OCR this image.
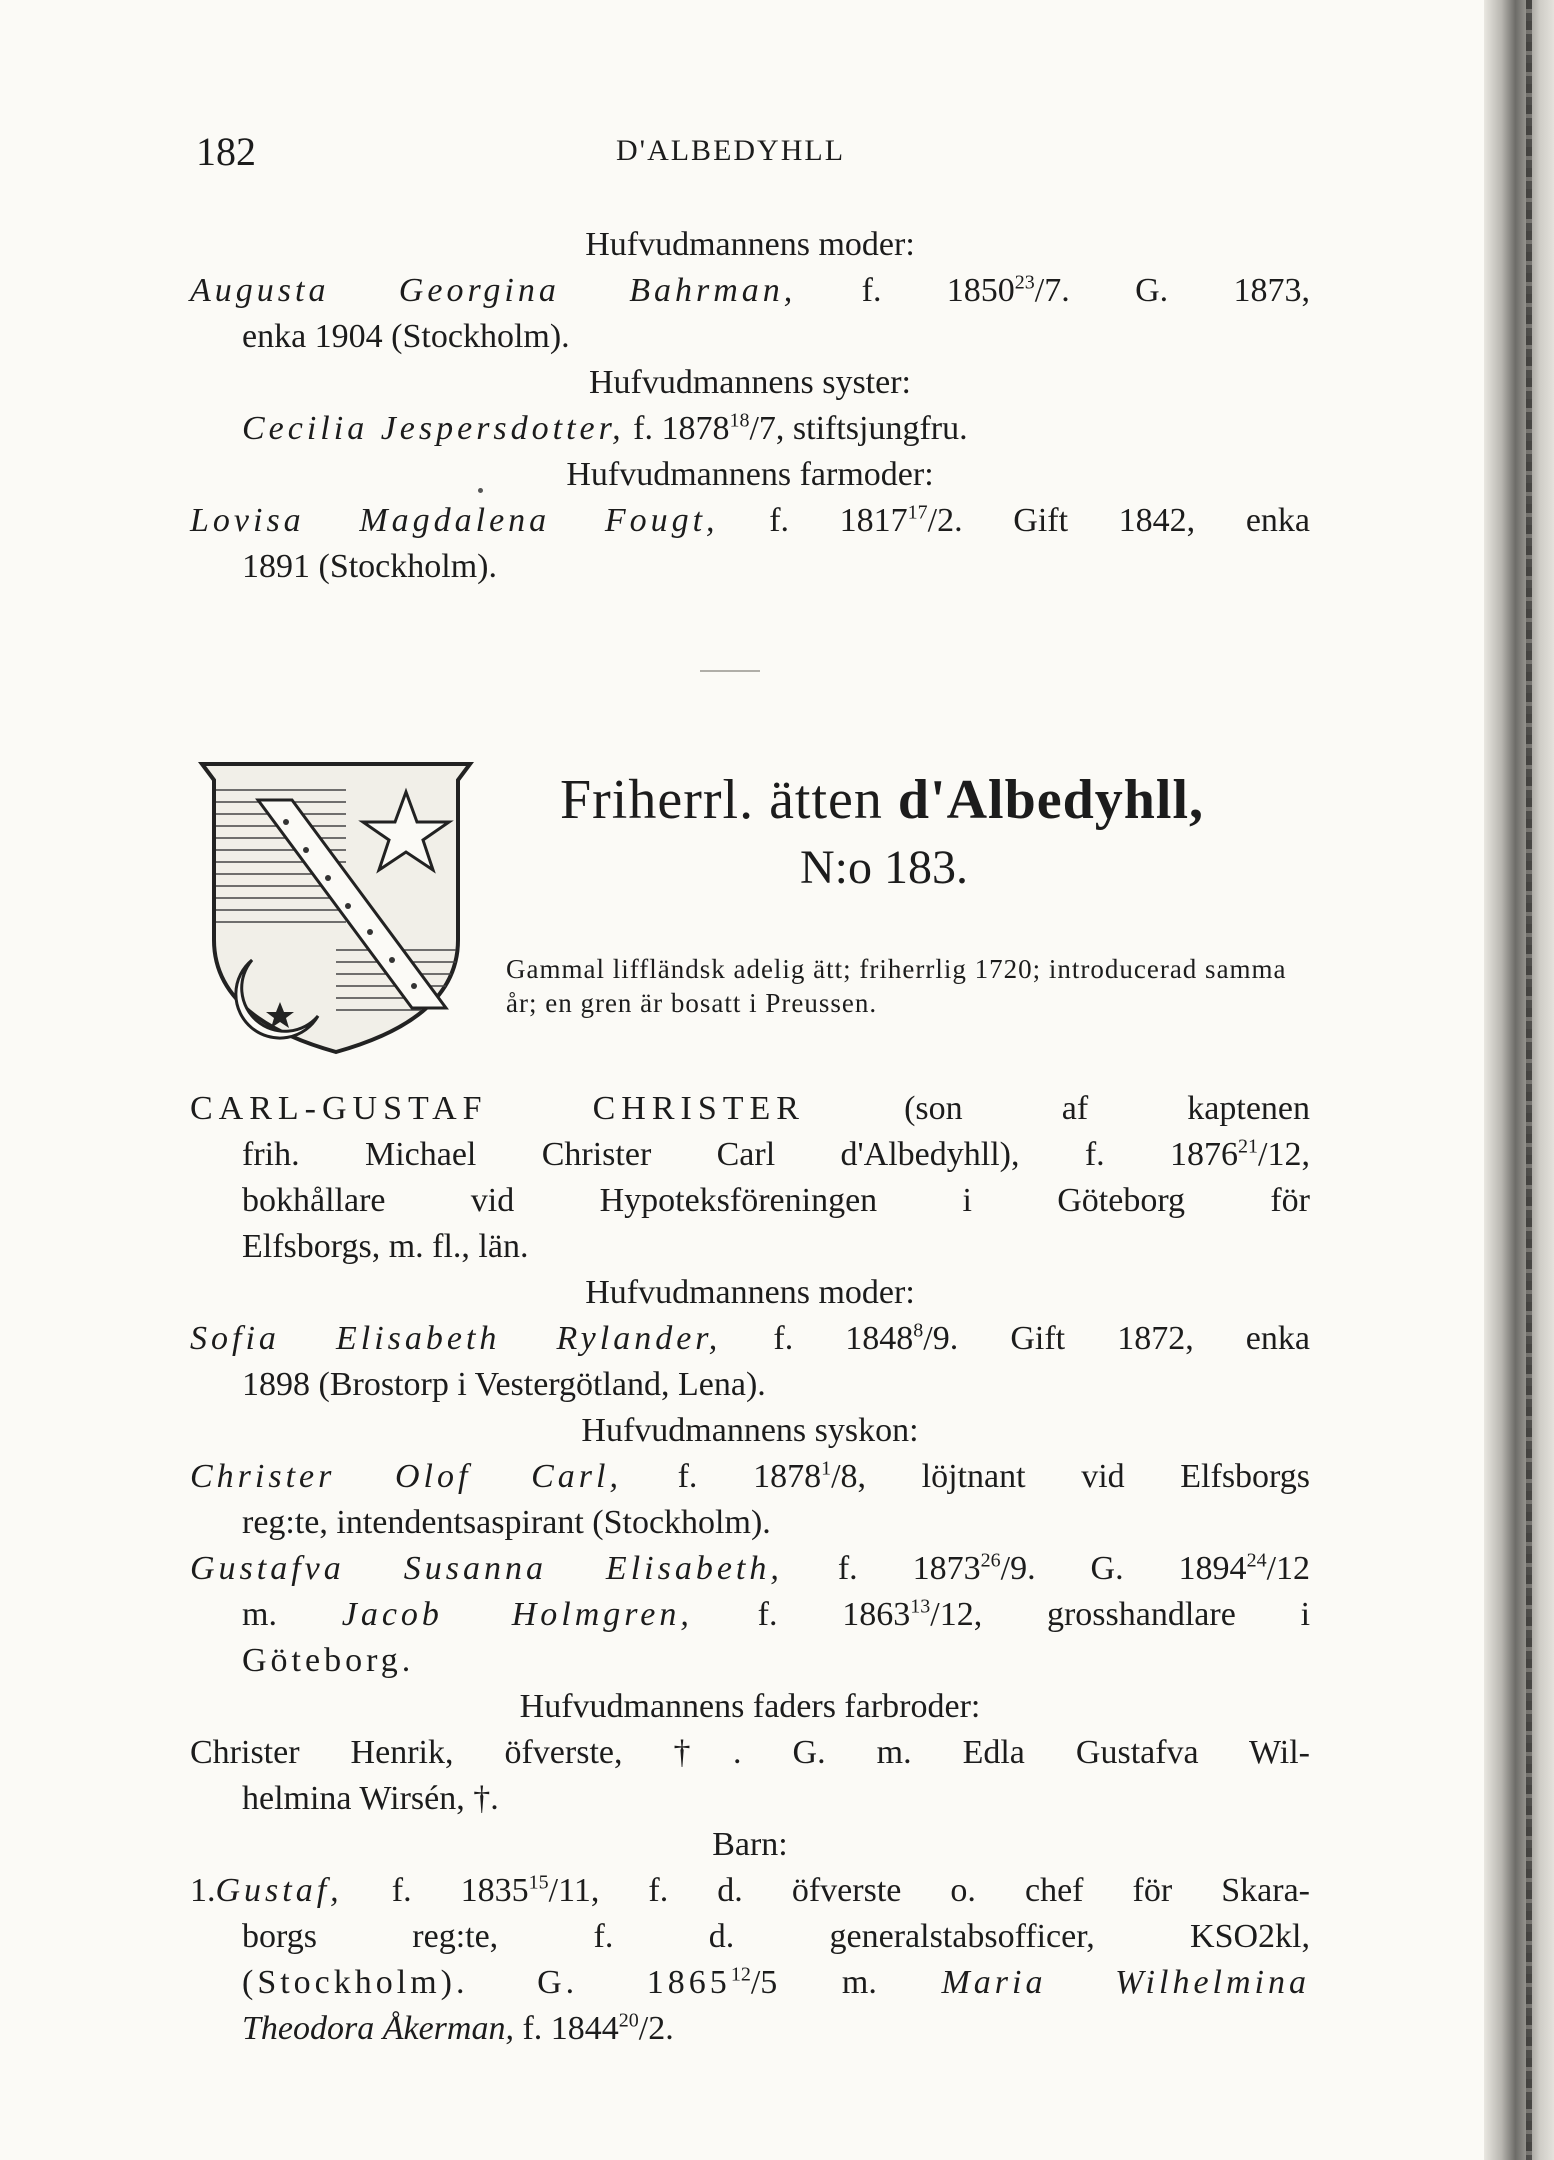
182	D'ALBEDYHLL
Hufvudmannens moder:
Augusta Georgina Bahrman, f. 1850$^{23}$/7. G. 1873,
enka 1904 (Stockholm).
Hufvudmannens syster:
Cecilia Jespersdotter, f. 1878$^{18}$/7, stiftsjungfru.
Hufvudmannens farmoder:
Lovisa Magdalena Fougt, f. 1817$^{17}$/2. Gift 1842, enka
1891 (Stockholm).
Friherrl. ätten d'Albedyhll,
N:o 183.
Gammal liffländsk adelig ätt; friherrlig 1720; introducerad samma år; en gren är bosatt i Preussen.
CARL-GUSTAF CHRISTER	(son af kaptenen
frih. Michael Christer Carl d'Albedyhll), f. 1876$^{21}$/12,
bokhållare vid Hypoteksföreningen i Göteborg för
Elfsborgs, m. fl., län.
Hufvudmannens moder:
Sofia Elisabeth Rylander, f. 1848$^8$/9. Gift 1872, enka
1898 (Brostorp i Vestergötland, Lena).
Hufvudmannens syskon:
Christer Olof Carl, f. 1878$^1$/8, löjtnant vid Elfsborgs
reg:te, intendentsaspirant (Stockholm).
Gustafva Susanna Elisabeth, f. 1873$^{26}$/9. G. 1894$^{24}$/12
m. Jacob Holmgren, f. 1863$^{13}$/12, grosshandlare i
Göteborg.
Hufvudmannens faders farbroder:
Christer Henrik, öfverste, †. G. m. Edla Gustafva Wil-
helmina Wirsén, †.
Barn:
1.Gustaf, f. 1835$^{15}$/11, f. d. öfverste o. chef för Skara-
borgs reg:te, f. d. generalstabsofficer, KSO2kl,
(Stockholm). G. 1865$^{12}$/5 m. Maria Wilhelmina
Theodora Åkerman, f. 1844$^{20}$/2.
